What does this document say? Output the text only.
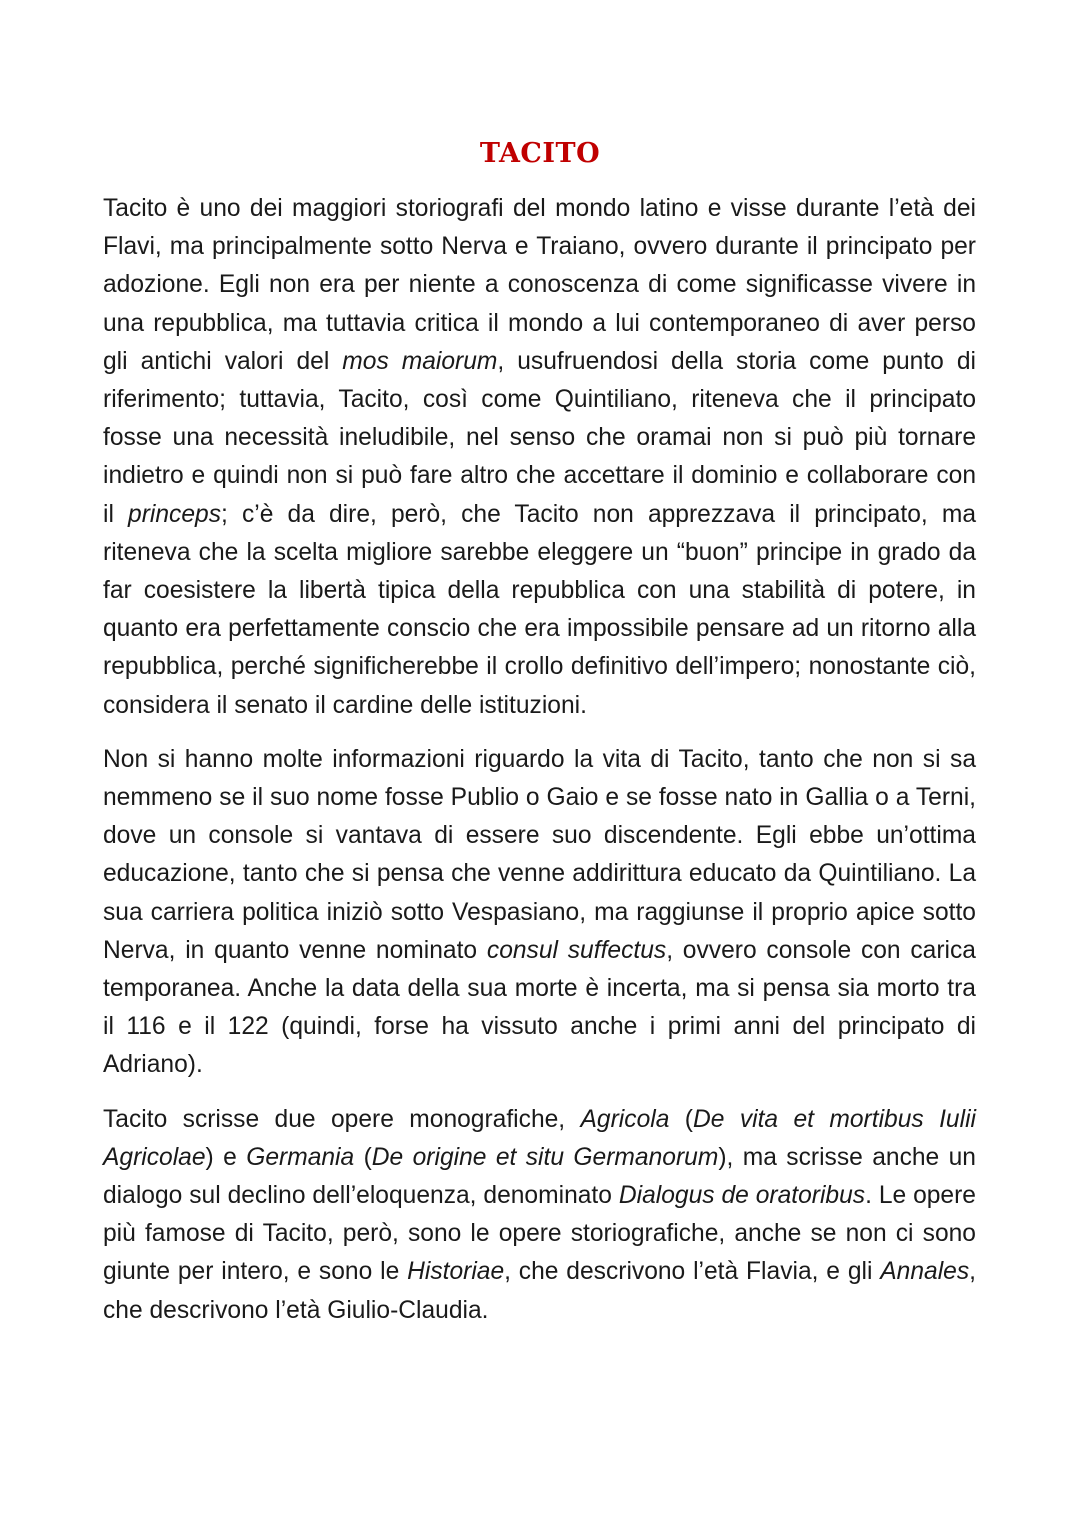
TACITO

Tacito è uno dei maggiori storiografi del mondo latino e visse durante l’età dei Flavi, ma principalmente sotto Nerva e Traiano, ovvero durante il principato per adozione. Egli non era per niente a conoscenza di come significasse vivere in una repubblica, ma tuttavia critica il mondo a lui contemporaneo di aver perso gli antichi valori del mos maiorum, usufruendosi della storia come punto di riferimento; tuttavia, Tacito, così come Quintiliano, riteneva che il principato fosse una necessità ineludibile, nel senso che oramai non si può più tornare indietro e quindi non si può fare altro che accettare il dominio e collaborare con il princeps; c’è da dire, però, che Tacito non apprezzava il principato, ma riteneva che la scelta migliore sarebbe eleggere un “buon” principe in grado da far coesistere la libertà tipica della repubblica con una stabilità di potere, in quanto era perfettamente conscio che era impossibile pensare ad un ritorno alla repubblica, perché significherebbe il crollo definitivo dell’impero; nonostante ciò, considera il senato il cardine delle istituzioni.

Non si hanno molte informazioni riguardo la vita di Tacito, tanto che non si sa nemmeno se il suo nome fosse Publio o Gaio e se fosse nato in Gallia o a Terni, dove un console si vantava di essere suo discendente. Egli ebbe un’ottima educazione, tanto che si pensa che venne addirittura educato da Quintiliano. La sua carriera politica iniziò sotto Vespasiano, ma raggiunse il proprio apice sotto Nerva, in quanto venne nominato consul suffectus, ovvero console con carica temporanea. Anche la data della sua morte è incerta, ma si pensa sia morto tra il 116 e il 122 (quindi, forse ha vissuto anche i primi anni del principato di Adriano).

Tacito scrisse due opere monografiche, Agricola (De vita et mortibus Iulii Agricolae) e Germania (De origine et situ Germanorum), ma scrisse anche un dialogo sul declino dell’eloquenza, denominato Dialogus de oratoribus. Le opere più famose di Tacito, però, sono le opere storiografiche, anche se non ci sono giunte per intero, e sono le Historiae, che descrivono l’età Flavia, e gli Annales, che descrivono l’età Giulio-Claudia.
